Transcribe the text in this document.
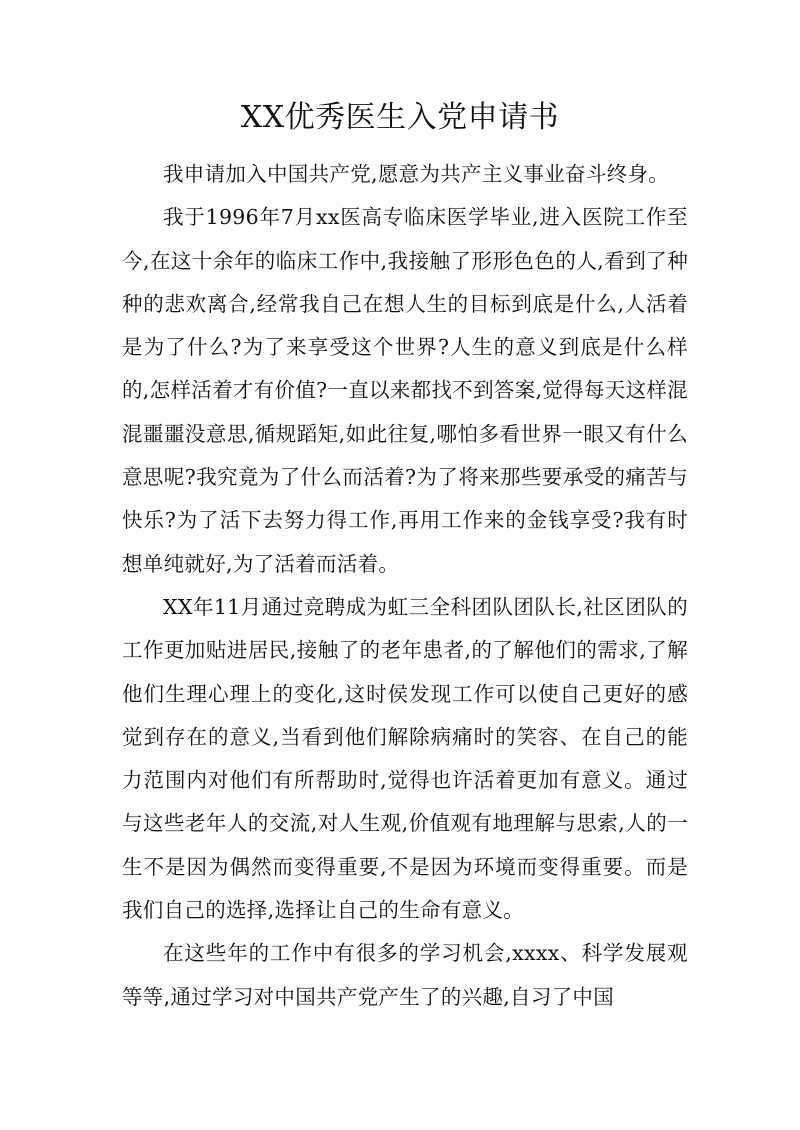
XX优秀医生入党申请书

我申请加入中国共产党,愿意为共产主义事业奋斗终身。

我于1996年7月xx医高专临床医学毕业,进入医院工作至今,在这十余年的临床工作中,我接触了形形色色的人,看到了种种的悲欢离合,经常我自己在想人生的目标到底是什么,人活着是为了什么?为了来享受这个世界?人生的意义到底是什么样的,怎样活着才有价值?一直以来都找不到答案,觉得每天这样混混噩噩没意思,循规蹈矩,如此往复,哪怕多看世界一眼又有什么意思呢?我究竟为了什么而活着?为了将来那些要承受的痛苦与快乐?为了活下去努力得工作,再用工作来的金钱享受?我有时想单纯就好,为了活着而活着。

XX年11月通过竞聘成为虹三全科团队团队长,社区团队的工作更加贴进居民,接触了的老年患者,的了解他们的需求,了解他们生理心理上的变化,这时侯发现工作可以使自己更好的感觉到存在的意义,当看到他们解除病痛时的笑容、在自己的能力范围内对他们有所帮助时,觉得也许活着更加有意义。通过与这些老年人的交流,对人生观,价值观有地理解与思索,人的一生不是因为偶然而变得重要,不是因为环境而变得重要。而是我们自己的选择,选择让自己的生命有意义。

在这些年的工作中有很多的学习机会,xxxx、科学发展观等等,通过学习对中国共产党产生了的兴趣,自习了中国
